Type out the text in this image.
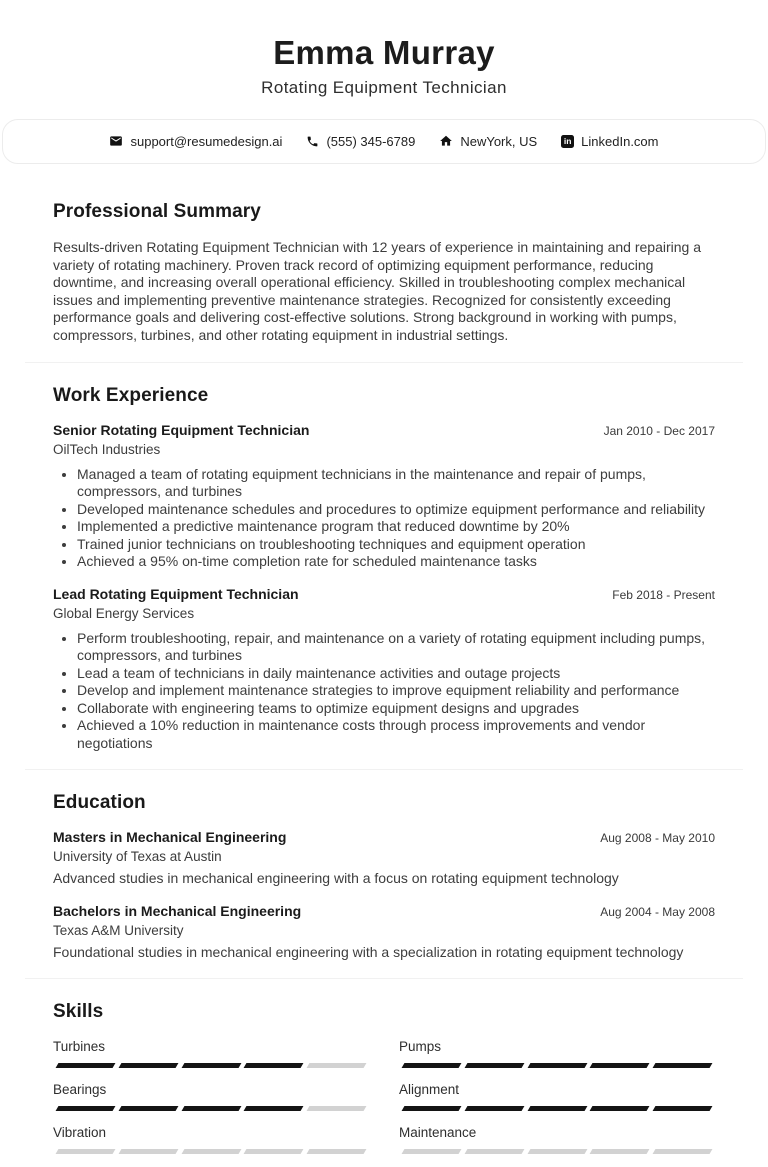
Emma Murray
Rotating Equipment Technician
support@resumedesign.ai	(555) 345-6789	NewYork, US	in LinkedIn.com
Professional Summary

Results-driven Rotating Equipment Technician with 12 years of experience in maintaining and repairing a variety of rotating machinery. Proven track record of optimizing equipment performance, reducing downtime, and increasing overall operational efficiency. Skilled in troubleshooting complex mechanical issues and implementing preventive maintenance strategies. Recognized for consistently exceeding performance goals and delivering cost-effective solutions. Strong background in working with pumps, compressors, turbines, and other rotating equipment in industrial settings.

Work Experience
Senior Rotating Equipment Technician	Jan 2010 - Dec 2017
OilTech Industries
• Managed a team of rotating equipment technicians in the maintenance and repair of pumps, compressors, and turbines
• Developed maintenance schedules and procedures to optimize equipment performance and reliability
• Implemented a predictive maintenance program that reduced downtime by 20%
• Trained junior technicians on troubleshooting techniques and equipment operation
• Achieved a 95% on-time completion rate for scheduled maintenance tasks
Lead Rotating Equipment Technician	Feb 2018 - Present
Global Energy Services
• Perform troubleshooting, repair, and maintenance on a variety of rotating equipment including pumps, compressors, and turbines
• Lead a team of technicians in daily maintenance activities and outage projects
• Develop and implement maintenance strategies to improve equipment reliability and performance
• Collaborate with engineering teams to optimize equipment designs and upgrades
• Achieved a 10% reduction in maintenance costs through process improvements and vendor negotiations
Education
Masters in Mechanical Engineering	Aug 2008 - May 2010
University of Texas at Austin
Advanced studies in mechanical engineering with a focus on rotating equipment technology
Bachelors in Mechanical Engineering	Aug 2004 - May 2008
Texas A&M University
Foundational studies in mechanical engineering with a specialization in rotating equipment technology
Skills
Turbines	Pumps
Bearings	Alignment
Vibration	Maintenance
